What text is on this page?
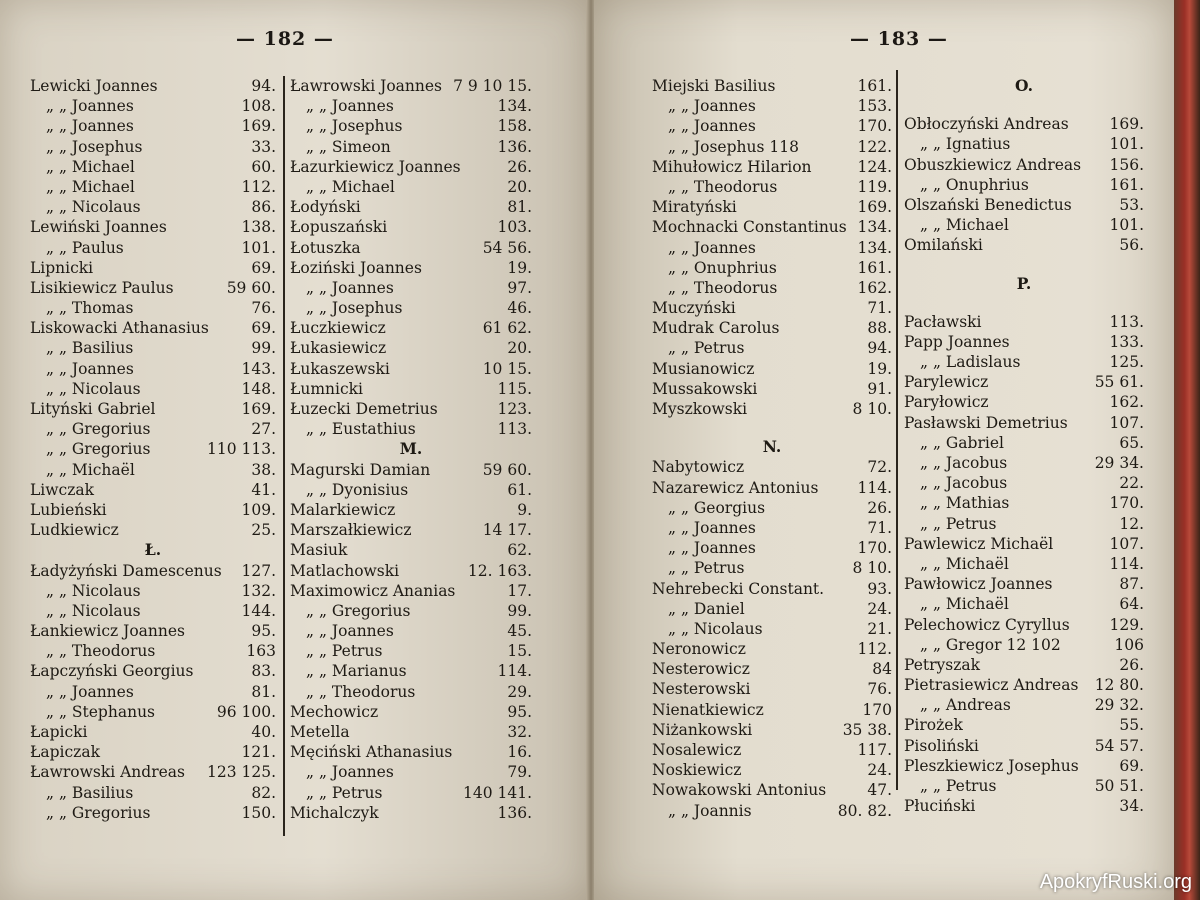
— 182 —
Lewicki Joannes	94.
„ „ Joannes	108.
„ „ Joannes	169.
„ „ Josephus	33.
„ „ Michael	60.
„ „ Michael	112.
„ „ Nicolaus	86.
Lewiński Joannes	138.
„ „ Paulus	101.
Lipnicki	69.
Lisikiewicz Paulus	59 60.
„ „ Thomas	76.
Liskowacki Athanasius	69.
„ „ Basilius	99.
„ „ Joannes	143.
„ „ Nicolaus	148.
Lityński Gabriel	169.
„ „ Gregorius	27.
„ „ Gregorius	110 113.
„ „ Michaël	38.
Liwczak	41.
Lubieński	109.
Ludkiewicz	25.
Ł.
Ładyżyński Damescenus 127.
„ „ Nicolaus	132.
„ „ Nicolaus	144.
Łankiewicz Joannes	95.
„ „ Theodorus	163
Łapczyński Georgius	83.
„ „ Joannes	81.
„ „ Stephanus	96 100.
Łapicki	40.
Łapiczak	121.
Ławrowski Andreas 123 125.
„ „ Basilius	82.
„ „ Gregorius	150.
Ławrowski Joannes 7 9 10 15.
„ „ Joannes	134.
„ „ Josephus	158.
„ „ Simeon	136.
Łazurkiewicz Joannes	26.
„ „ Michael	20.
Łodyński	81.
Łopuszański	103.
Łotuszka	54 56.
Łoziński Joannes	19.
„ „ Joannes	97.
„ „ Josephus	46.
Łuczkiewicz	61 62.
Łukasiewicz	20.
Łukaszewski	10 15.
Łumnicki	115.
Łuzecki Demetrius	123.
„ „ Eustathius	113.
M.
Magurski Damian	59 60.
„ „ Dyonisius	61.
Malarkiewicz	9.
Marszałkiewicz	14 17.
Masiuk	62.
Matlachowski	12. 163.
Maximowicz Ananias	17.
„ „ Gregorius	99.
„ „ Joannes	45.
„ „ Petrus	15.
„ „ Marianus	114.
„ „ Theodorus	29.
Mechowicz	95.
Metella	32.
Męciński Athanasius	16.
„ „ Joannes	79.
„ „ Petrus	140 141.
Michalczyk	136.
— 183 —
Miejski Basilius	161.
„ „ Joannes	153.
„ „ Joannes	170.
„ „ Josephus 118	122.
Mihułowicz Hilarion	124.
„ „ Theodorus	119.
Miratyński	169.
Mochnacki Constantinus 134.
„ „ Joannes	134.
„ „ Onuphrius	161.
„ „ Theodorus	162.
Muczyński	71.
Mudrak Carolus	88.
„ „ Petrus	94.
Musianowicz	19.
Mussakowski	91.
Myszkowski	8 10.
N.
Nabytowicz	72.
Nazarewicz Antonius	114.
„ „ Georgius	26.
„ „ Joannes	71.
„ „ Joannes	170.
„ „ Petrus	8 10.
Nehrebecki Constant.	93.
„ „ Daniel	24.
„ „ Nicolaus	21.
Neronowicz	112.
Nesterowicz	84
Nesterowski	76.
Nienatkiewicz	170
Niżankowski	35 38.
Nosalewicz	117.
Noskiewicz	24.
Nowakowski Antonius	47.
„ „ Joannis	80. 82.
O.
Obłoczyński Andreas	169.
„ „ Ignatius	101.
Obuszkiewicz Andreas 156.
„ „ Onuphrius	161.
Olszański Benedictus	53.
„ „ Michael	101.
Omilański	56.
P.
Pacławski	113.
Papp Joannes	133.
„ „ Ladislaus	125.
Parylewicz	55 61.
Paryłowicz	162.
Pasławski Demetrius	107.
„ „ Gabriel	65.
„ „ Jacobus	29 34.
„ „ Jacobus	22.
„ „ Mathias	170.
„ „ Petrus	12.
Pawlewicz Michaël	107.
„ „ Michaël	114.
Pawłowicz Joannes	87.
„ „ Michaël	64.
Pelechowicz Cyryllus	129.
„ „ Gregor 12 102	106
Petryszak	26.
Pietrasiewicz Andreas 12 80.
„ „ Andreas	29 32.
Pirożek	55.
Pisoliński	54 57.
Pleszkiewicz Josephus	69.
„ „ Petrus	50 51.
Płuciński	34.
ApokryfRuski.org
